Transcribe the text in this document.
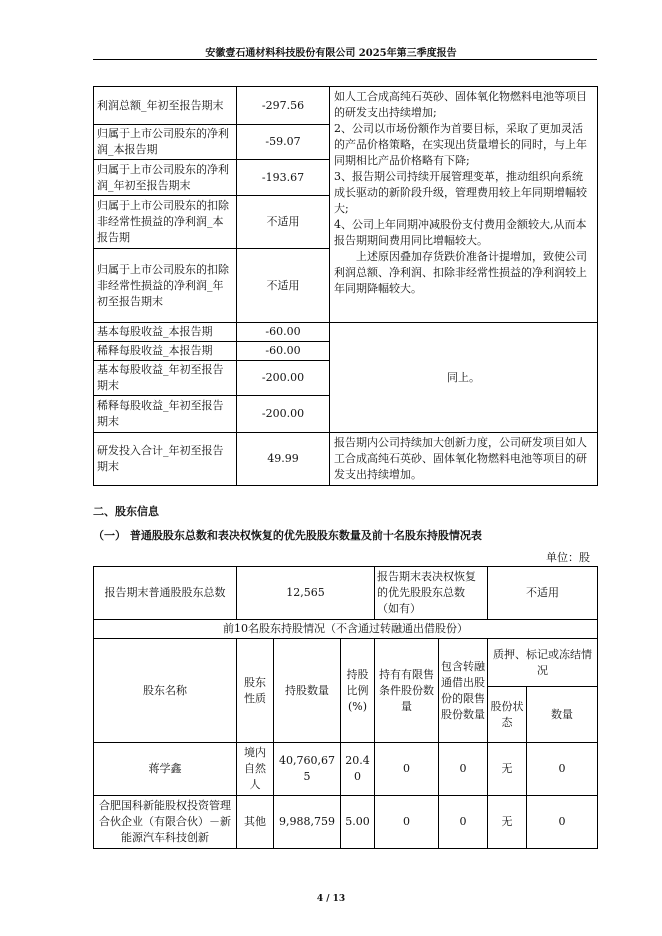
安徽壹石通材料科技股份有限公司 2025年第三季度报告
利润总额_年初至报告期末	-297.56	如人工合成高纯石英砂、固体氧化物燃料电池等项目的研发支出持续增加;

2、公司以市场份额作为首要目标，采取了更加灵活的产品价格策略，在实现出货量增长的同时，与上年同期相比产品价格略有下降;

3、报告期公司持续开展管理变革，推动组织向系统成长驱动的新阶段升级，管理费用较上年同期增幅较大;

4、公司上年同期冲减股份支付费用金额较大,从而本报告期期间费用同比增幅较大。

上述原因叠加存货跌价准备计提增加，致使公司利润总额、净利润、扣除非经常性损益的净利润较上年同期降幅较大。

归属于上市公司股东的净利润_本报告期	-59.07	
归属于上市公司股东的净利润_年初至报告期末	-193.67	
归属于上市公司股东的扣除非经常性损益的净利润_本报告期	不适用	
归属于上市公司股东的扣除非经常性损益的净利润_年初至报告期末	不适用	
基本每股收益_本报告期	-60.00	同上。
稀释每股收益_本报告期	-60.00	
基本每股收益_年初至报告期末	-200.00	
稀释每股收益_年初至报告期末	-200.00	
研发投入合计_年初至报告期末	49.99	报告期内公司持续加大创新力度，公司研发项目如人工合成高纯石英砂、固体氧化物燃料电池等项目的研发支出持续增加。
二、股东信息
（一） 普通股股东总数和表决权恢复的优先股股东数量及前十名股东持股情况表
单位：股
报告期末普通股股东总数	12,565			报告期末表决权恢复的优先股股东总数（如有）		不适用	
前10名股东持股情况（不含通过转融通出借股份）							
股东名称	股东性质	持股数量	持股比例(%)	持有有限售条件股份数量	包含转融通借出股份的限售股份数量	质押、标记或冻结情况	
						股份状态	数量
蒋学鑫	境内自然人	40,760,675	20.40	0	0	无	0
合肥国科新能股权投资管理合伙企业（有限合伙）－新能源汽车科技创新	其他	9,988,759	5.00	0	0	无	0
4 / 13
